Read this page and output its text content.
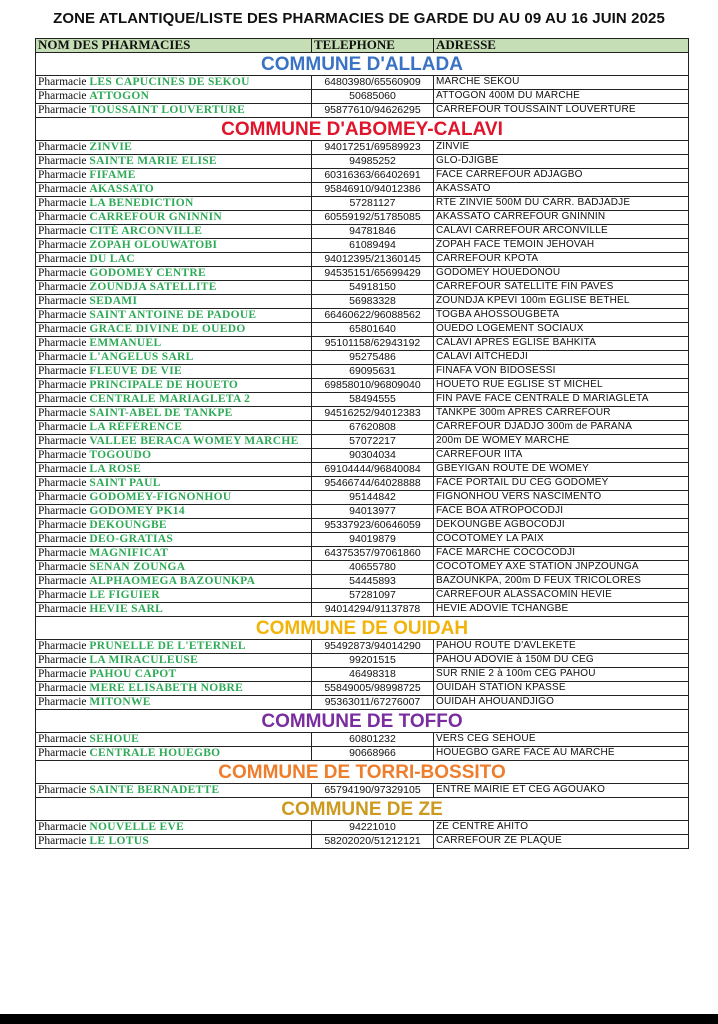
ZONE ATLANTIQUE/LISTE DES PHARMACIES DE GARDE DU AU 09 AU 16 JUIN 2025
NOM DES PHARMACIES	TELEPHONE	ADRESSE
COMMUNE D'ALLADA		
Pharmacie LES CAPUCINES DE SEKOU	64803980/65560909	MARCHE SEKOU
Pharmacie ATTOGON	50685060	ATTOGON 400M DU MARCHE
Pharmacie TOUSSAINT LOUVERTURE	95877610/94626295	CARREFOUR TOUSSAINT LOUVERTURE
COMMUNE D'ABOMEY-CALAVI		
Pharmacie ZINVIE	94017251/69589923	ZINVIE
Pharmacie SAINTE MARIE ELISE	94985252	GLO-DJIGBE
Pharmacie FIFAME	60316363/66402691	FACE CARREFOUR ADJAGBO
Pharmacie AKASSATO	95846910/94012386	AKASSATO
Pharmacie LA BENEDICTION	57281127	RTE ZINVIE 500M DU CARR. BADJADJE
Pharmacie CARREFOUR GNINNIN	60559192/51785085	AKASSATO CARREFOUR GNINNIN
Pharmacie CITÉ ARCONVILLE	94781846	CALAVI CARREFOUR ARCONVILLE
Pharmacie ZOPAH OLOUWATOBI	61089494	ZOPAH FACE TEMOIN JEHOVAH
Pharmacie DU LAC	94012395/21360145	CARREFOUR KPOTA
Pharmacie GODOMEY CENTRE	94535151/65699429	GODOMEY HOUEDONOU
Pharmacie ZOUNDJA SATELLITE	54918150	CARREFOUR SATELLITE FIN PAVES
Pharmacie SEDAMI	56983328	ZOUNDJA KPEVI 100m EGLISE BETHEL
Pharmacie SAINT ANTOINE DE PADOUE	66460622/96088562	TOGBA AHOSSOUGBETA
Pharmacie GRACE DIVINE DE OUEDO	65801640	OUEDO LOGEMENT SOCIAUX
Pharmacie EMMANUEL	95101158/62943192	CALAVI APRES EGLISE BAHKITA
Pharmacie L'ANGELUS SARL	95275486	CALAVI AITCHEDJI
Pharmacie FLEUVE DE VIE	69095631	FINAFA VON BIDOSESSI
Pharmacie PRINCIPALE DE HOUETO	69858010/96809040	HOUETO RUE EGLISE ST MICHEL
Pharmacie CENTRALE MARIAGLETA 2	58494555	FIN PAVE FACE CENTRALE D MARIAGLETA
Pharmacie SAINT-ABEL DE TANKPE	94516252/94012383	TANKPE 300m APRES CARREFOUR
Pharmacie LA RÉFÉRENCE	67620808	CARREFOUR DJADJO 300m de PARANA
Pharmacie VALLEE BERACA WOMEY MARCHE	57072217	200m DE WOMEY MARCHE
Pharmacie TOGOUDO	90304034	CARREFOUR IITA
Pharmacie LA ROSE	69104444/96840084	GBEYIGAN ROUTE DE WOMEY
Pharmacie SAINT PAUL	95466744/64028888	FACE PORTAIL DU CEG GODOMEY
Pharmacie GODOMEY-FIGNONHOU	95144842	FIGNONHOU VERS NASCIMENTO
Pharmacie GODOMEY PK14	94013977	FACE BOA ATROPOCODJI
Pharmacie DEKOUNGBE	95337923/60646059	DEKOUNGBE AGBOCODJI
Pharmacie DEO-GRATIAS	94019879	COCOTOMEY LA PAIX
Pharmacie MAGNIFICAT	64375357/97061860	FACE MARCHE COCOCODJI
Pharmacie SENAN ZOUNGA	40655780	COCOTOMEY AXE STATION JNPZOUNGA
Pharmacie ALPHAOMEGA BAZOUNKPA	54445893	BAZOUNKPA, 200m D FEUX TRICOLORES
Pharmacie LE FIGUIER	57281097	CARREFOUR ALASSACOMIN HEVIE
Pharmacie HEVIE SARL	94014294/91137878	HEVIE ADOVIE TCHANGBE
COMMUNE DE OUIDAH		
Pharmacie PRUNELLE DE L'ETERNEL	95492873/94014290	PAHOU ROUTE D'AVLEKETE
Pharmacie LA MIRACULEUSE	99201515	PAHOU ADOVIE à 150M DU CEG
Pharmacie PAHOU CAPOT	46498318	SUR RNIE 2 à 100m CEG PAHOU
Pharmacie MERE ELISABETH NOBRE	55849005/98998725	OUIDAH STATION KPASSE
Pharmacie MITONWE	95363011/67276007	OUIDAH AHOUANDJIGO
COMMUNE DE TOFFO		
Pharmacie SEHOUE	60801232	VERS CEG SEHOUE
Pharmacie CENTRALE HOUEGBO	90668966	HOUEGBO GARE FACE AU MARCHE
COMMUNE DE TORRI-BOSSITO		
Pharmacie SAINTE BERNADETTE	65794190/97329105	ENTRE MAIRIE ET CEG AGOUAKO
COMMUNE DE ZE		
Pharmacie NOUVELLE EVE	94221010	ZE CENTRE AHITO
Pharmacie LE LOTUS	58202020/51212121	CARREFOUR ZE PLAQUE
